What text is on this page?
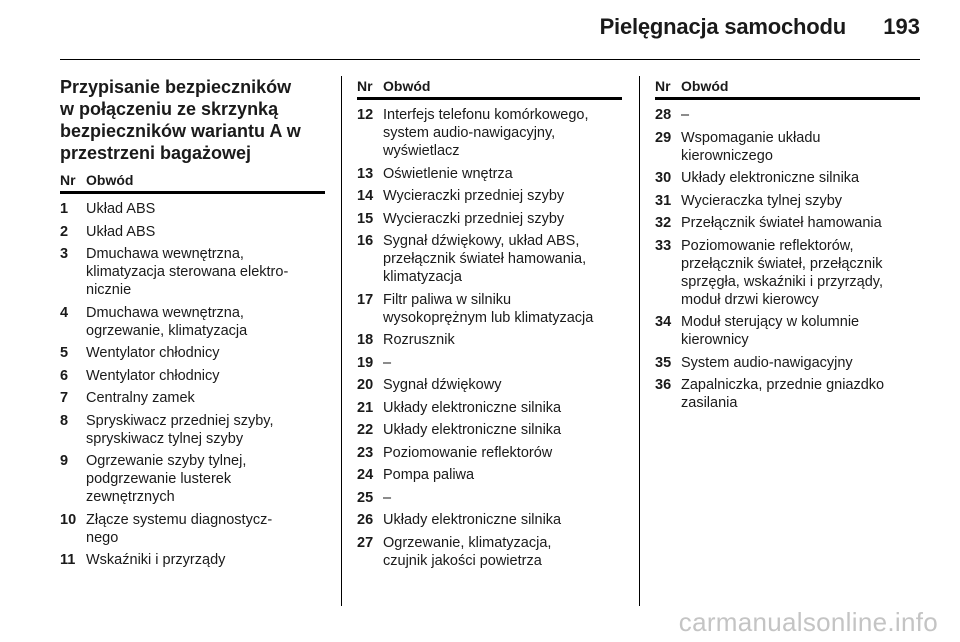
Pielęgnacja samochodu 193
Przypisanie bezpieczników
w połączeniu ze skrzynką
bezpieczników wariantu A w
przestrzeni bagażowej
Nr Obwód
1	Układ ABS
2	Układ ABS
3	Dmuchawa wewnętrzna,
klimatyzacja sterowana elektro-
nicznie
4	Dmuchawa wewnętrzna,
ogrzewanie, klimatyzacja
5	Wentylator chłodnicy
6	Wentylator chłodnicy
7	Centralny zamek
8	Spryskiwacz przedniej szyby,
spryskiwacz tylnej szyby
9	Ogrzewanie szyby tylnej,
podgrzewanie lusterek
zewnętrznych
10 Złącze systemu diagnostycz-
nego
11 Wskaźniki i przyrządy
Nr Obwód
12 Interfejs telefonu komórkowego,
system audio-nawigacyjny,
wyświetlacz
13 Oświetlenie wnętrza
14 Wycieraczki przedniej szyby
15 Wycieraczki przedniej szyby
16 Sygnał dźwiękowy, układ ABS,
przełącznik świateł hamowania,
klimatyzacja
17 Filtr paliwa w silniku
wysokoprężnym lub klimatyzacja
18 Rozrusznik
19 –
20 Sygnał dźwiękowy
21 Układy elektroniczne silnika
22 Układy elektroniczne silnika
23 Poziomowanie reflektorów
24 Pompa paliwa
25 –
26 Układy elektroniczne silnika
27 Ogrzewanie, klimatyzacja,
czujnik jakości powietrza
Nr Obwód
28 –
29 Wspomaganie układu
kierowniczego
30 Układy elektroniczne silnika
31 Wycieraczka tylnej szyby
32 Przełącznik świateł hamowania
33 Poziomowanie reflektorów,
przełącznik świateł, przełącznik
sprzęgła, wskaźniki i przyrządy,
moduł drzwi kierowcy
34 Moduł sterujący w kolumnie
kierownicy
35 System audio-nawigacyjny
36 Zapalniczka, przednie gniazdko
zasilania
carmanualsonline.info
